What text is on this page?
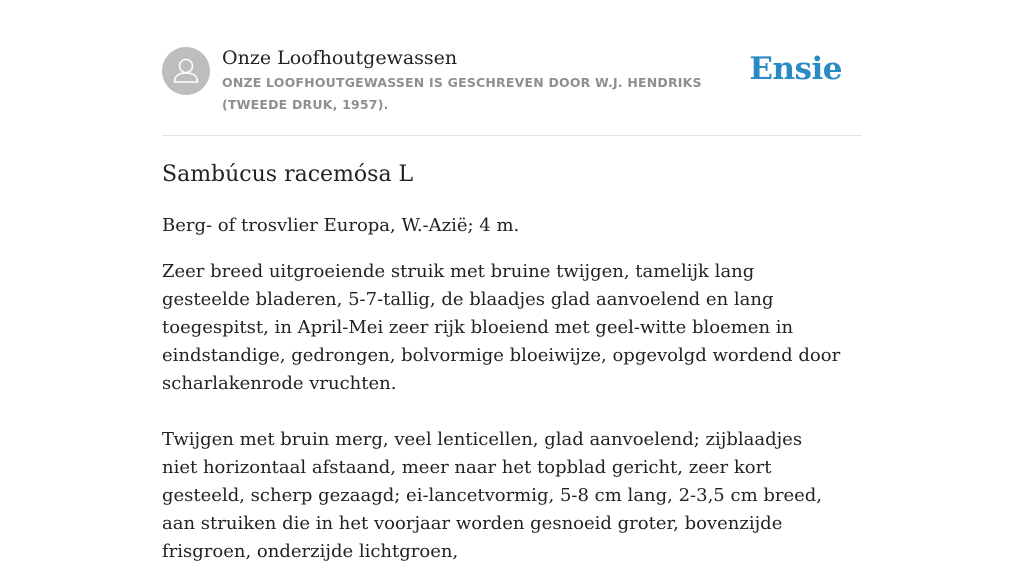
Onze Loofhoutgewassen
ONZE LOOFHOUTGEWASSEN IS GESCHREVEN DOOR W.J. HENDRIKS (TWEEDE DRUK, 1957).
Ensie
Sambúcus racemósa L
Berg- of trosvlier Europa, W.-Azië; 4 m.
Zeer breed uitgroeiende struik met bruine twijgen, tamelijk lang gesteelde bladeren, 5-7-tallig, de blaadjes glad aanvoelend en lang toegespitst, in April-Mei zeer rijk bloeiend met geel-witte bloemen in eindstandige, gedrongen, bolvormige bloeiwijze, opgevolgd wordend door scharlakenrode vruchten.
Twijgen met bruin merg, veel lenticellen, glad aanvoelend; zijblaadjes niet horizontaal afstaand, meer naar het topblad gericht, zeer kort gesteeld, scherp gezaagd; ei-lancetvormig, 5-8 cm lang, 2-3,5 cm breed, aan struiken die in het voorjaar worden gesnoeid groter, bovenzijde frisgroen, onderzijde lichtgroen,
